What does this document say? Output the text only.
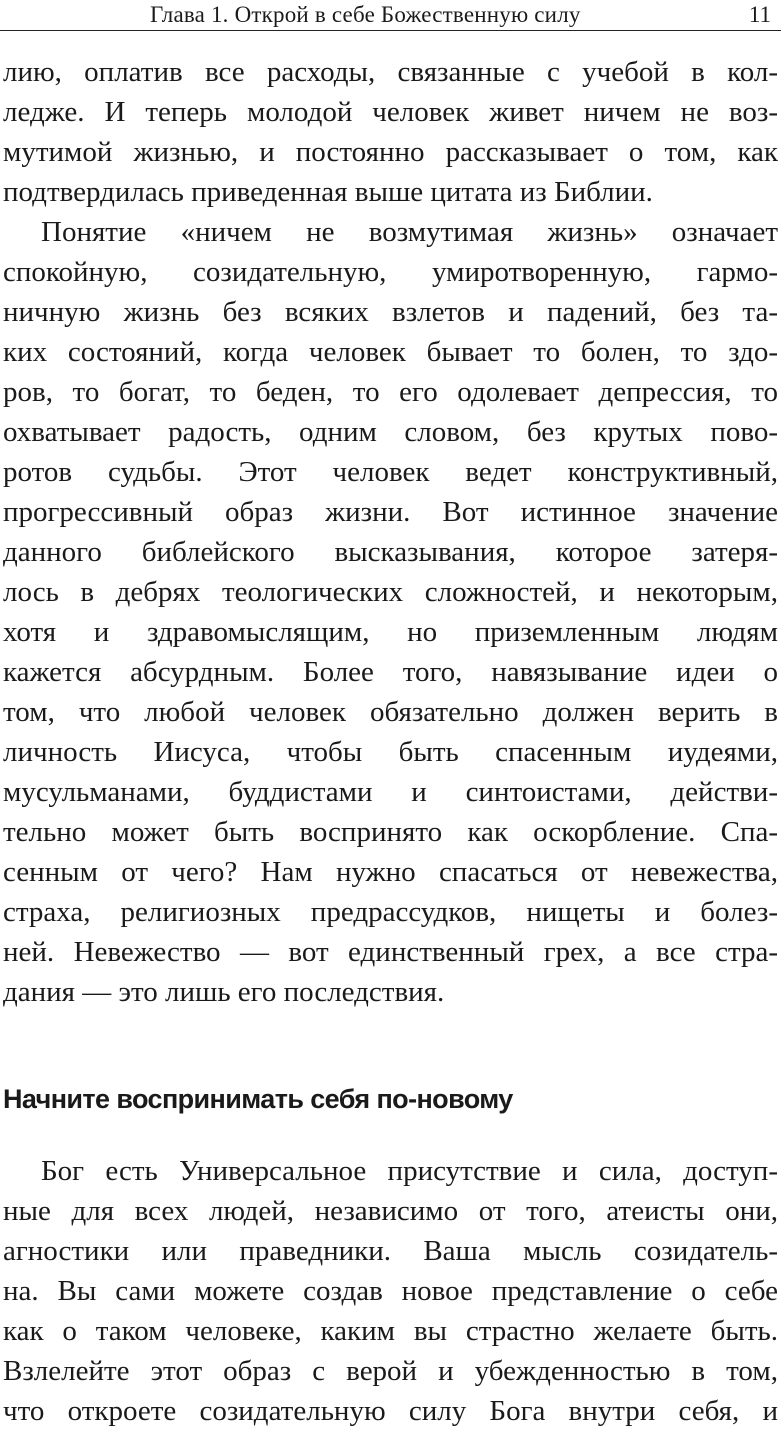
Глава 1. Открой в себе Божественную силу	11
лию, оплатив все расходы, связанные с учебой в кол-
ледже. И теперь молодой человек живет ничем не воз-
мутимой жизнью, и постоянно рассказывает о том, как
подтвердилась приведенная выше цитата из Библии.
Понятие «ничем не возмутимая жизнь» означает
спокойную, созидательную, умиротворенную, гармо-
ничную жизнь без всяких взлетов и падений, без та-
ких состояний, когда человек бывает то болен, то здо-
ров, то богат, то беден, то его одолевает депрессия, то
охватывает радость, одним словом, без крутых пово-
ротов судьбы. Этот человек ведет конструктивный,
прогрессивный образ жизни. Вот истинное значение
данного библейского высказывания, которое затеря-
лось в дебрях теологических сложностей, и некоторым,
хотя и здравомыслящим, но приземленным людям
кажется абсурдным. Более того, навязывание идеи о
том, что любой человек обязательно должен верить в
личность Иисуса, чтобы быть спасенным иудеями,
мусульманами, буддистами и синтоистами, действи-
тельно может быть воспринято как оскорбление. Спа-
сенным от чего? Нам нужно спасаться от невежества,
страха, религиозных предрассудков, нищеты и болез-
ней. Невежество — вот единственный грех, а все стра-
дания — это лишь его последствия.
Начните воспринимать себя по-новому
Бог есть Универсальное присутствие и сила, доступ-
ные для всех людей, независимо от того, атеисты они,
агностики или праведники. Ваша мысль созидатель-
на. Вы сами можете создав новое представление о себе
как о таком человеке, каким вы страстно желаете быть.
Взлелейте этот образ с верой и убежденностью в том,
что откроете созидательную силу Бога внутри себя, и
